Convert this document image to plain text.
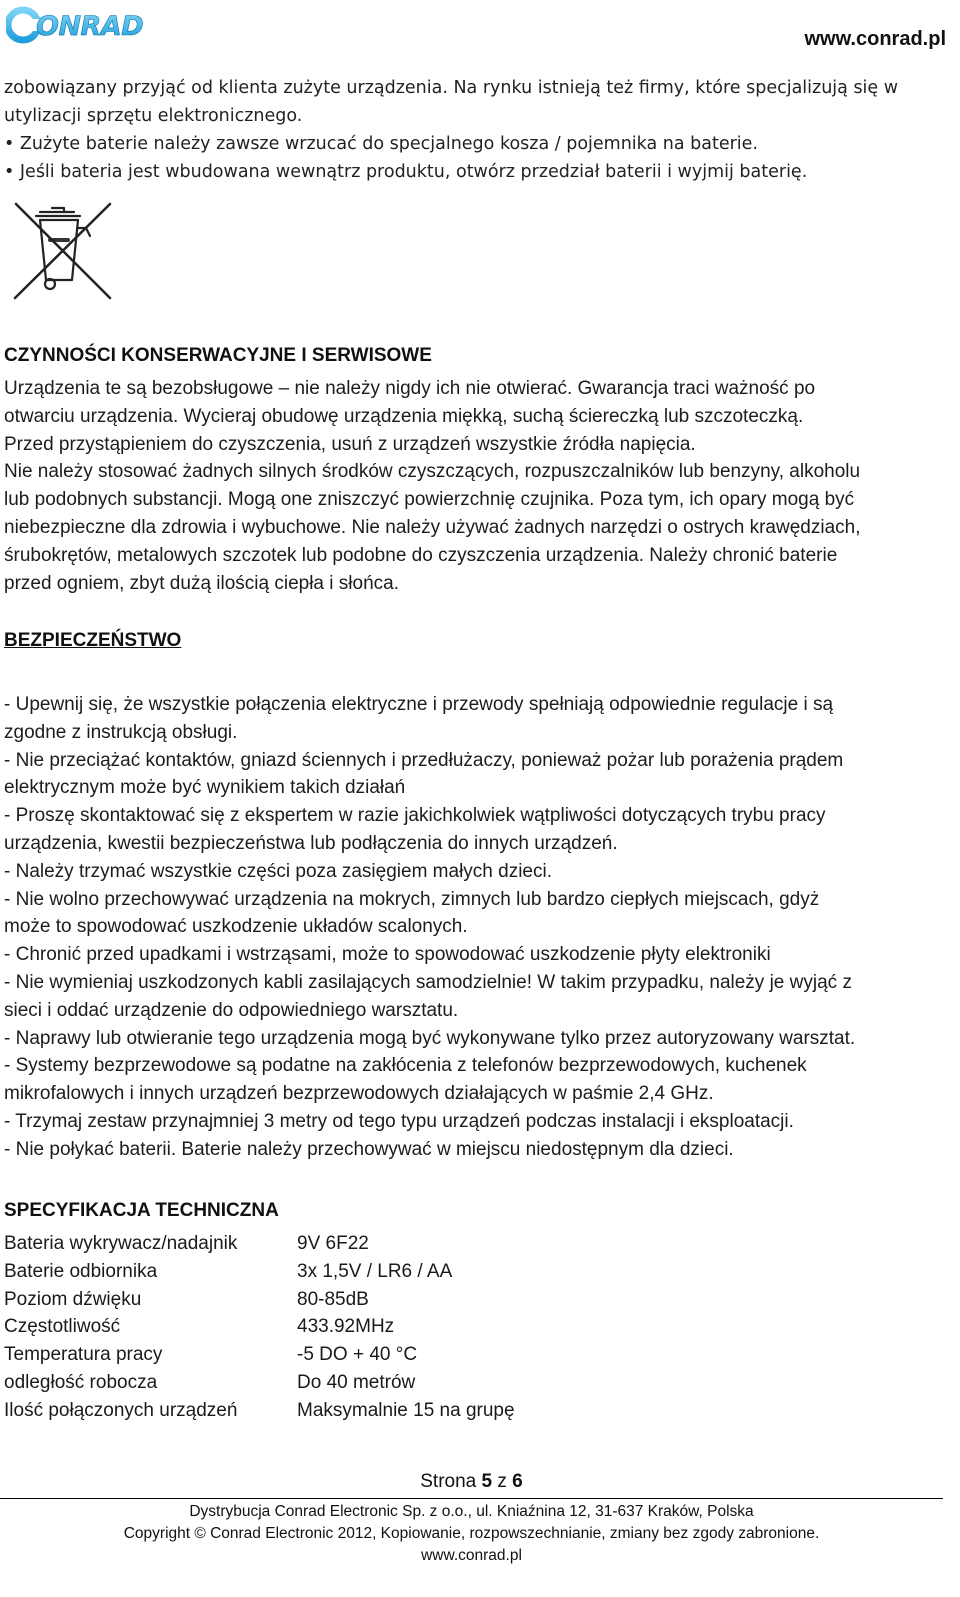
ONRAD	www.conrad.pl

zobowiązany przyjąć od klienta zużyte urządzenia. Na rynku istnieją też firmy, które specjalizują się w

utylizacji sprzętu elektronicznego.

• Zużyte baterie należy zawsze wrzucać do specjalnego kosza / pojemnika na baterie.

• Jeśli bateria jest wbudowana wewnątrz produktu, otwórz przedział baterii i wyjmij baterię.

CZYNNOŚCI KONSERWACYJNE I SERWISOWE

Urządzenia te są bezobsługowe – nie należy nigdy ich nie otwierać. Gwarancja traci ważność po

otwarciu urządzenia. Wycieraj obudowę urządzenia miękką, suchą ściereczką lub szczoteczką.

Przed przystąpieniem do czyszczenia, usuń z urządzeń wszystkie źródła napięcia.

Nie należy stosować żadnych silnych środków czyszczących, rozpuszczalników lub benzyny, alkoholu

lub podobnych substancji. Mogą one zniszczyć powierzchnię czujnika. Poza tym, ich opary mogą być

niebezpieczne dla zdrowia i wybuchowe. Nie należy używać żadnych narzędzi o ostrych krawędziach,

śrubokrętów, metalowych szczotek lub podobne do czyszczenia urządzenia. Należy chronić baterie

przed ogniem, zbyt dużą ilością ciepła i słońca.

BEZPIECZEŃSTWO

- Upewnij się, że wszystkie połączenia elektryczne i przewody spełniają odpowiednie regulacje i są

zgodne z instrukcją obsługi.

- Nie przeciążać kontaktów, gniazd ściennych i przedłużaczy, ponieważ pożar lub porażenia prądem

elektrycznym może być wynikiem takich działań

- Proszę skontaktować się z ekspertem w razie jakichkolwiek wątpliwości dotyczących trybu pracy

urządzenia, kwestii bezpieczeństwa lub podłączenia do innych urządzeń.

- Należy trzymać wszystkie części poza zasięgiem małych dzieci.

- Nie wolno przechowywać urządzenia na mokrych, zimnych lub bardzo ciepłych miejscach, gdyż

może to spowodować uszkodzenie układów scalonych.

- Chronić przed upadkami i wstrząsami, może to spowodować uszkodzenie płyty elektroniki

- Nie wymieniaj uszkodzonych kabli zasilających samodzielnie! W takim przypadku, należy je wyjąć z

sieci i oddać urządzenie do odpowiedniego warsztatu.

- Naprawy lub otwieranie tego urządzenia mogą być wykonywane tylko przez autoryzowany warsztat.

- Systemy bezprzewodowe są podatne na zakłócenia z telefonów bezprzewodowych, kuchenek

mikrofalowych i innych urządzeń bezprzewodowych działających w paśmie 2,4 GHz.

- Trzymaj zestaw przynajmniej 3 metry od tego typu urządzeń podczas instalacji i eksploatacji.

- Nie połykać baterii. Baterie należy przechowywać w miejscu niedostępnym dla dzieci.

SPECYFIKACJA TECHNICZNA
Bateria wykrywacz/nadajnik	9V 6F22
Baterie odbiornika	3x 1,5V / LR6 / AA
Poziom dźwięku	80-85dB
Częstotliwość	433.92MHz
Temperatura pracy	-5 DO + 40 °C
odległość robocza	Do 40 metrów
Ilość połączonych urządzeń	Maksymalnie 15 na grupę
Strona 5 z 6
Dystrybucja Conrad Electronic Sp. z o.o., ul. Kniaźnina 12, 31-637 Kraków, Polska
Copyright © Conrad Electronic 2012, Kopiowanie, rozpowszechnianie, zmiany bez zgody zabronione.
www.conrad.pl
